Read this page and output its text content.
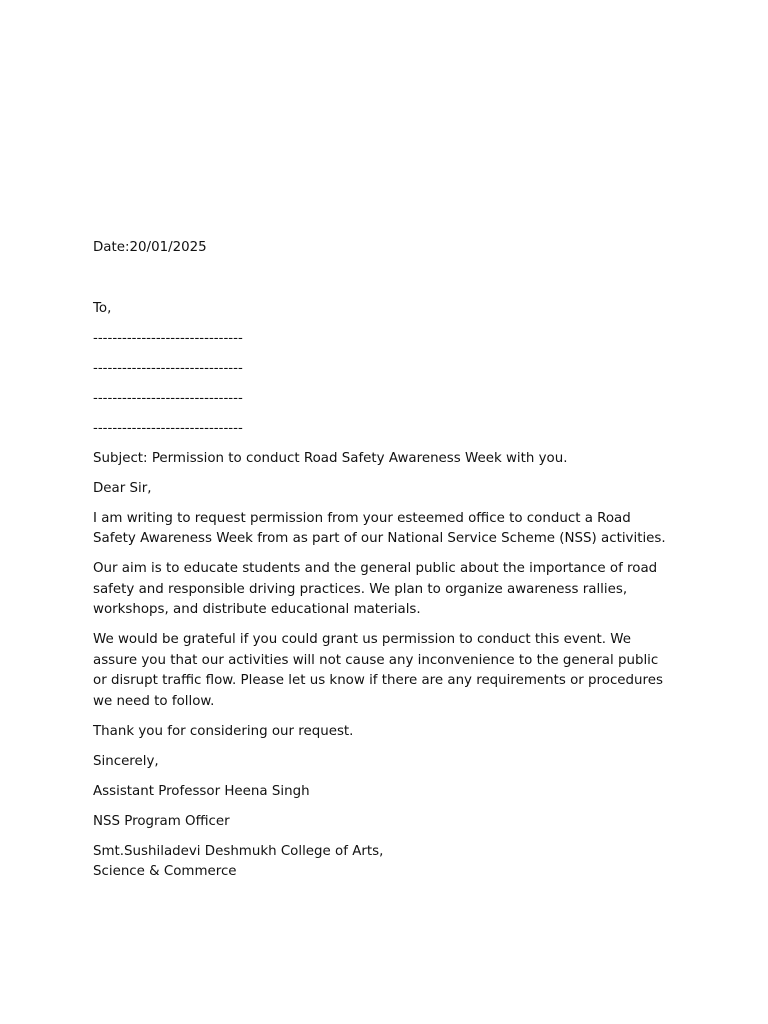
Date:20/01/2025

To,

-------------------------------

-------------------------------

-------------------------------

-------------------------------

Subject: Permission to conduct Road Safety Awareness Week with you.

Dear Sir,

I am writing to request permission from your esteemed office to conduct a Road Safety Awareness Week from as part of our National Service Scheme (NSS) activities.

Our aim is to educate students and the general public about the importance of road safety and responsible driving practices. We plan to organize awareness rallies, workshops, and distribute educational materials.

We would be grateful if you could grant us permission to conduct this event. We assure you that our activities will not cause any inconvenience to the general public or disrupt traffic flow. Please let us know if there are any requirements or procedures we need to follow.

Thank you for considering our request.

Sincerely,

Assistant Professor Heena Singh

NSS Program Officer

Smt.Sushiladevi Deshmukh College of Arts,

Science & Commerce
